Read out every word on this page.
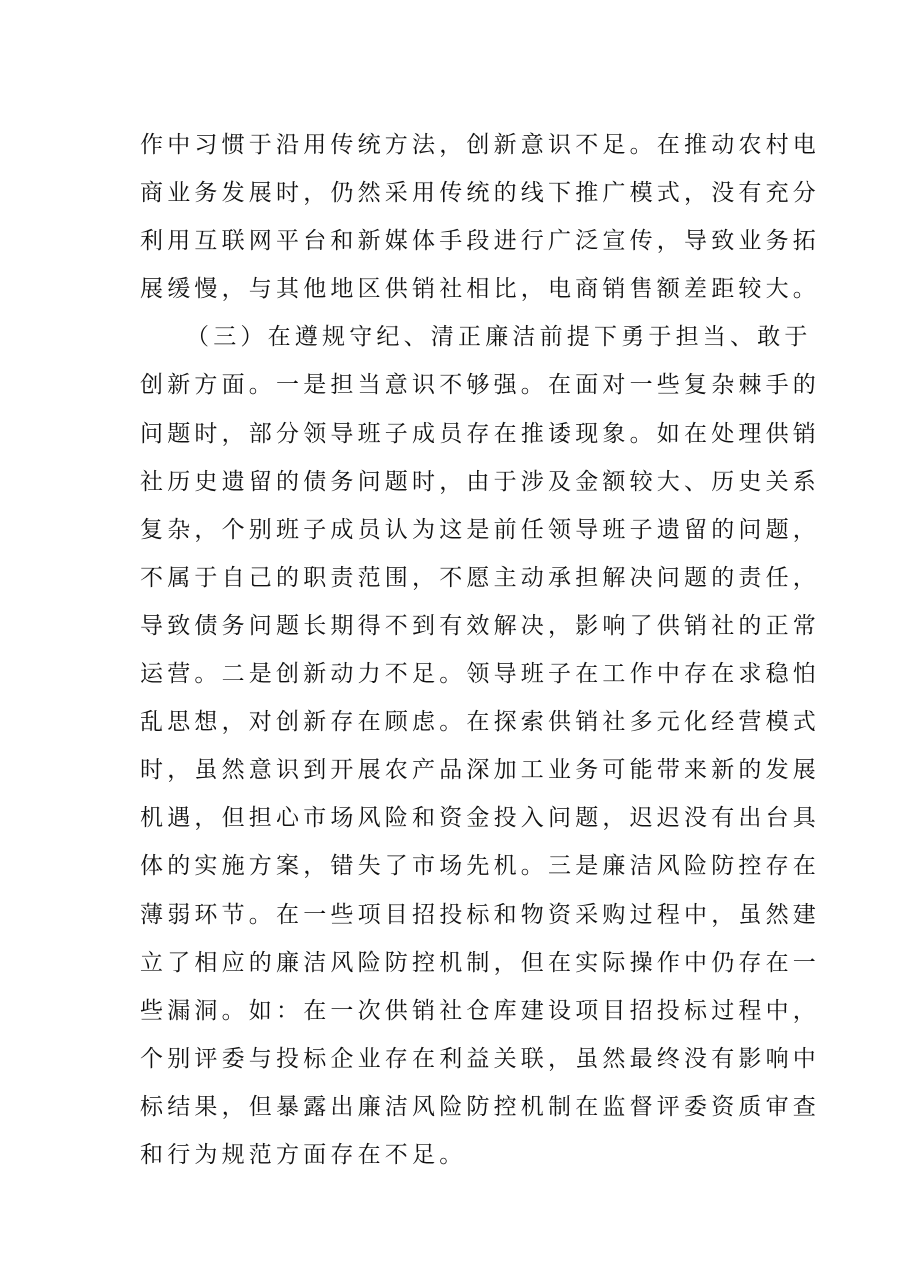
作中习惯于沿用传统方法，创新意识不足。在推动农村电
商业务发展时，仍然采用传统的线下推广模式，没有充分
利用互联网平台和新媒体手段进行广泛宣传，导致业务拓
展缓慢，与其他地区供销社相比，电商销售额差距较大。
（三）在遵规守纪、清正廉洁前提下勇于担当、敢于
创新方面。一是担当意识不够强。在面对一些复杂棘手的
问题时，部分领导班子成员存在推诿现象。如在处理供销
社历史遗留的债务问题时，由于涉及金额较大、历史关系
复杂，个别班子成员认为这是前任领导班子遗留的问题，
不属于自己的职责范围，不愿主动承担解决问题的责任，
导致债务问题长期得不到有效解决，影响了供销社的正常
运营。二是创新动力不足。领导班子在工作中存在求稳怕
乱思想，对创新存在顾虑。在探索供销社多元化经营模式
时，虽然意识到开展农产品深加工业务可能带来新的发展
机遇，但担心市场风险和资金投入问题，迟迟没有出台具
体的实施方案，错失了市场先机。三是廉洁风险防控存在
薄弱环节。在一些项目招投标和物资采购过程中，虽然建
立了相应的廉洁风险防控机制，但在实际操作中仍存在一
些漏洞。如：在一次供销社仓库建设项目招投标过程中，
个别评委与投标企业存在利益关联，虽然最终没有影响中
标结果，但暴露出廉洁风险防控机制在监督评委资质审查
和行为规范方面存在不足。
